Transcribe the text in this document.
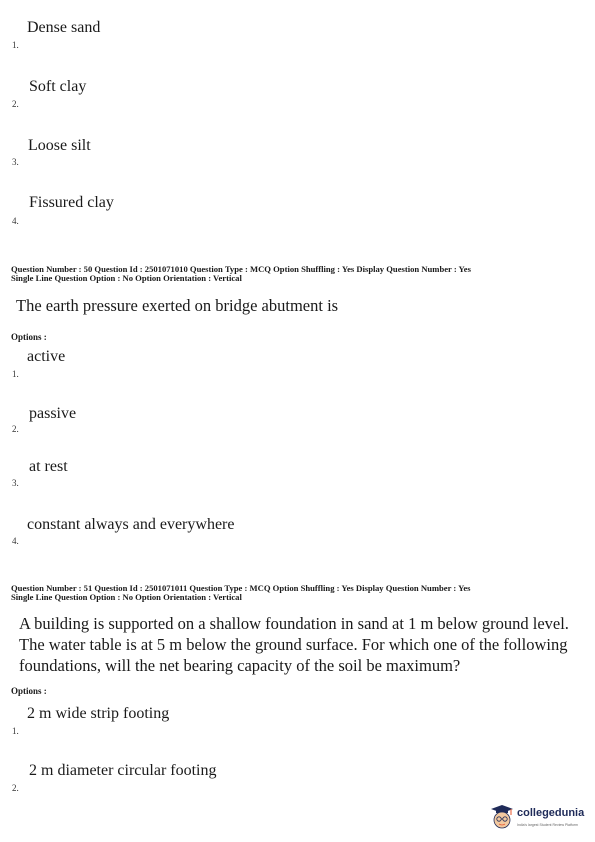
Dense sand
1.
Soft clay
2.
Loose silt
3.
Fissured clay
4.
Question Number : 50 Question Id : 2501071010 Question Type : MCQ Option Shuffling : Yes Display Question Number : Yes
Single Line Question Option : No Option Orientation : Vertical
The earth pressure exerted on bridge abutment is
Options :
active
1.
passive
2.
at rest
3.
constant always and everywhere
4.
Question Number : 51 Question Id : 2501071011 Question Type : MCQ Option Shuffling : Yes Display Question Number : Yes
Single Line Question Option : No Option Orientation : Vertical
A building is supported on a shallow foundation in sand at 1 m below ground level.
The water table is at 5 m below the ground surface. For which one of the following
foundations, will the net bearing capacity of the soil be maximum?
Options :
2 m wide strip footing
1.
2 m diameter circular footing
2.
collegedunia
India's largest Student Review Platform
